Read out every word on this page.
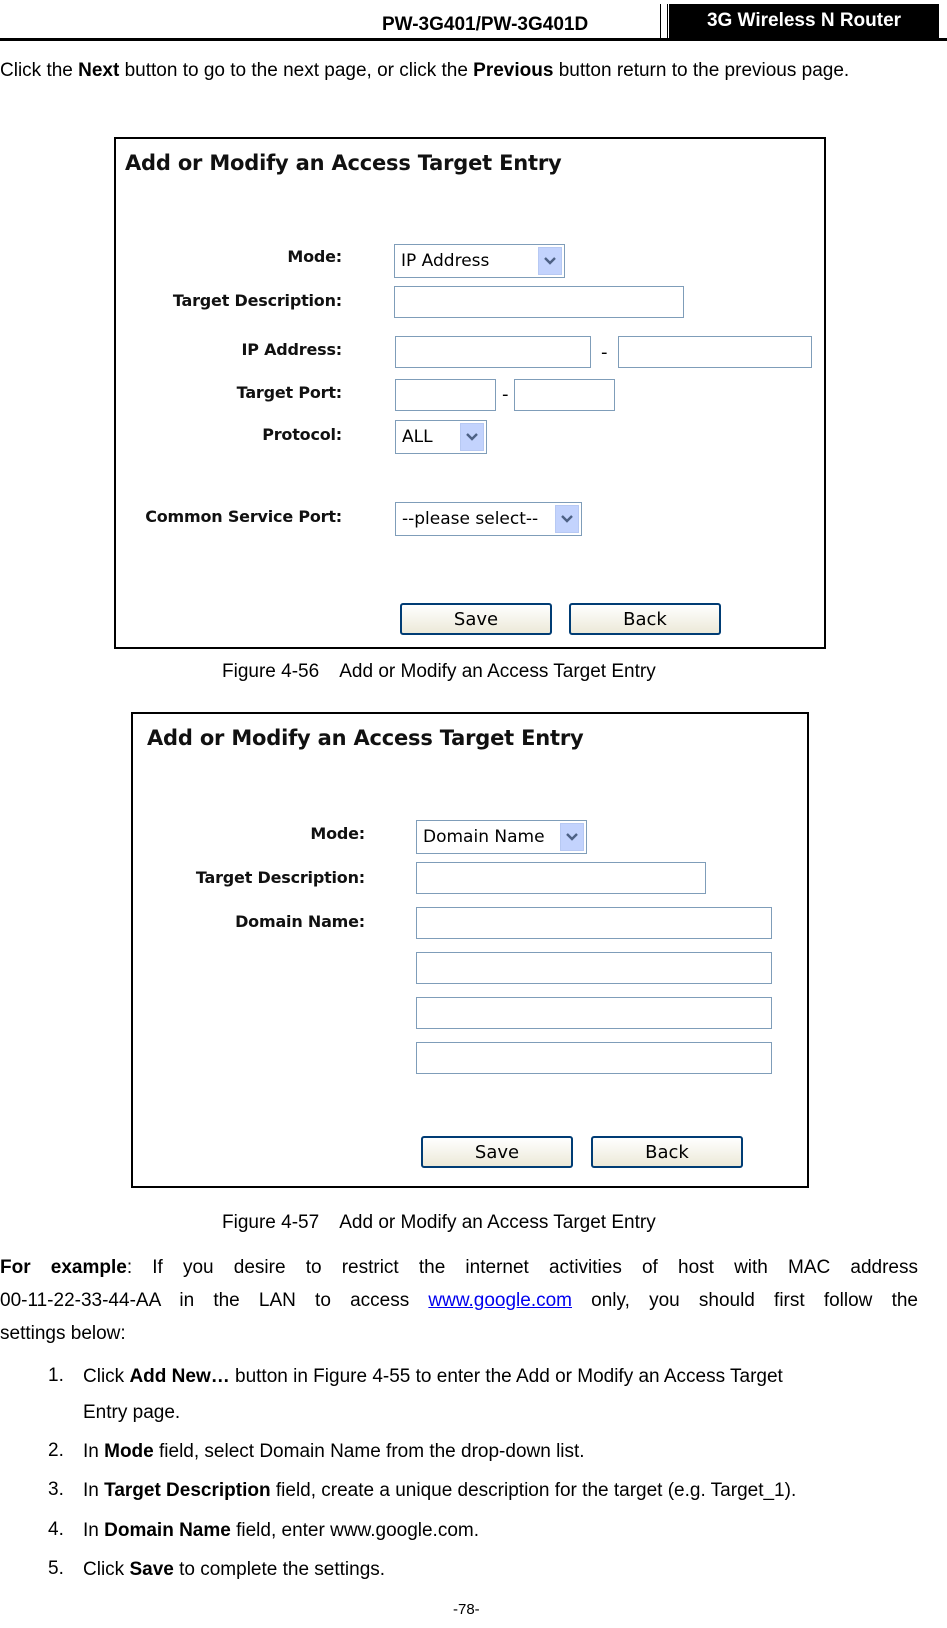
PW-3G401/PW-3G401D	3G Wireless N Router
Click the Next button to go to the next page, or click the Previous button return to the previous page.
Add or Modify an Access Target Entry
Mode:	IP Address
Target Description:
IP Address:	-
Target Port:	-
Protocol:	ALL
Common Service Port:	--please select--
Save	Back
Figure 4-56    Add or Modify an Access Target Entry
Add or Modify an Access Target Entry
Mode:	Domain Name
Target Description:
Domain Name:
Save	Back
Figure 4-57    Add or Modify an Access Target Entry
For example: If you desire to restrict the internet activities of host with MAC address
00-11-22-33-44-AA in the LAN to access www.google.com only, you should first follow the
settings below:
1. Click Add New… button in Figure 4-55 to enter the Add or Modify an Access Target
Entry page.
2. In Mode field, select Domain Name from the drop-down list.
3. In Target Description field, create a unique description for the target (e.g. Target_1).
4. In Domain Name field, enter www.google.com.
5. Click Save to complete the settings.
-78-
